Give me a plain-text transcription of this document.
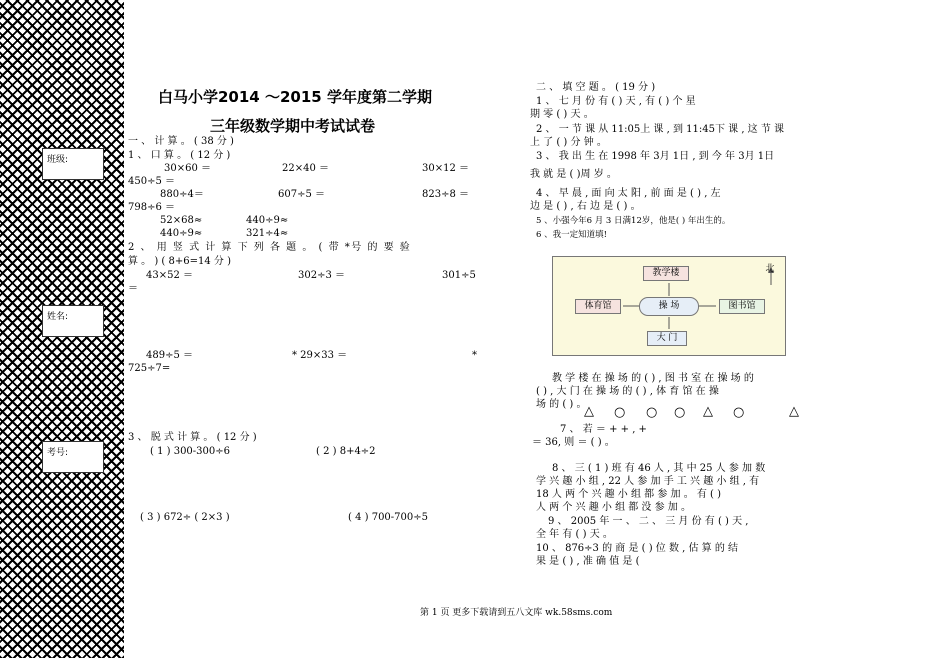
班级:
姓名:
考号:
白马小学2014 ～2015 学年度第二学期
三年级数学期中考试试卷
一 、 计 算 。 ( 38 分 )
1 、 口 算 。 ( 12 分 )
30×60 ＝	22×40 ＝	30×12 ＝
450÷5 ＝
880÷4＝	607÷5 ＝	823÷8 ＝
798÷6 ＝
52×68≈	440÷9≈
440÷9≈	321÷4≈
2 、 用 竖 式 计 算 下 列 各 题 。 ( 带 *号 的 要 验
算 。 ) ( 8+6=14 分 )
43×52 ＝	302÷3 ＝	301÷5
＝
489÷5 ＝	* 29×33 ＝	*
725÷7=
3 、 脱 式 计 算 。 ( 12 分 )
( 1 ) 300-300÷6	( 2 ) 8+4÷2
( 3 ) 672÷ ( 2×3 )	( 4 ) 700-700÷5
二 、 填 空 题 。 ( 19 分 )
1 、 七 月 份 有 ( ) 天 , 有 ( ) 个 星
期 零 ( ) 天 。
2 、 一 节 课 从 11:05上 课 , 到 11:45下 课 , 这 节 课
上 了 ( ) 分 钟 。
3 、 我 出 生 在 1998 年 3月 1日 , 到 今 年 3月 1日
我 就 是 ( )周 岁 。
4 、 早 晨 , 面 向 太 阳 , 前 面 是 ( ) , 左
边 是 ( ) , 右 边 是 ( ) 。
5 、小强今年6 月 3 日满12岁，他是( ) 年出生的。
6 、我一定知道填!
北
教学楼
操 场
体育馆	图书馆
大 门
教 学 楼 在 操 场 的 ( ) , 图 书 室 在 操 场 的
( ) , 大 门 在 操 场 的 ( ) , 体 育 馆 在 操
场 的 ( ) 。
△ ○ ○ ○ △ ○	△
7 、 若 ＝ + + , +
＝ 36, 则 ＝ ( ) 。
8 、 三 ( 1 ) 班 有 46 人 , 其 中 25 人 参 加 数
学 兴 趣 小 组 , 22 人 参 加 手 工 兴 趣 小 组 , 有
18 人 两 个 兴 趣 小 组 都 参 加 。 有 ( )
人 两 个 兴 趣 小 组 都 没 参 加 。
9 、 2005 年 一 、 二 、 三 月 份 有 ( ) 天 ,
全 年 有 ( ) 天 。
10 、 876÷3 的 商 是 ( ) 位 数 , 估 算 的 结
果 是 ( ) , 准 确 值 是 (
第 1 页 更多下载请到五八文库 wk.58sms.com
